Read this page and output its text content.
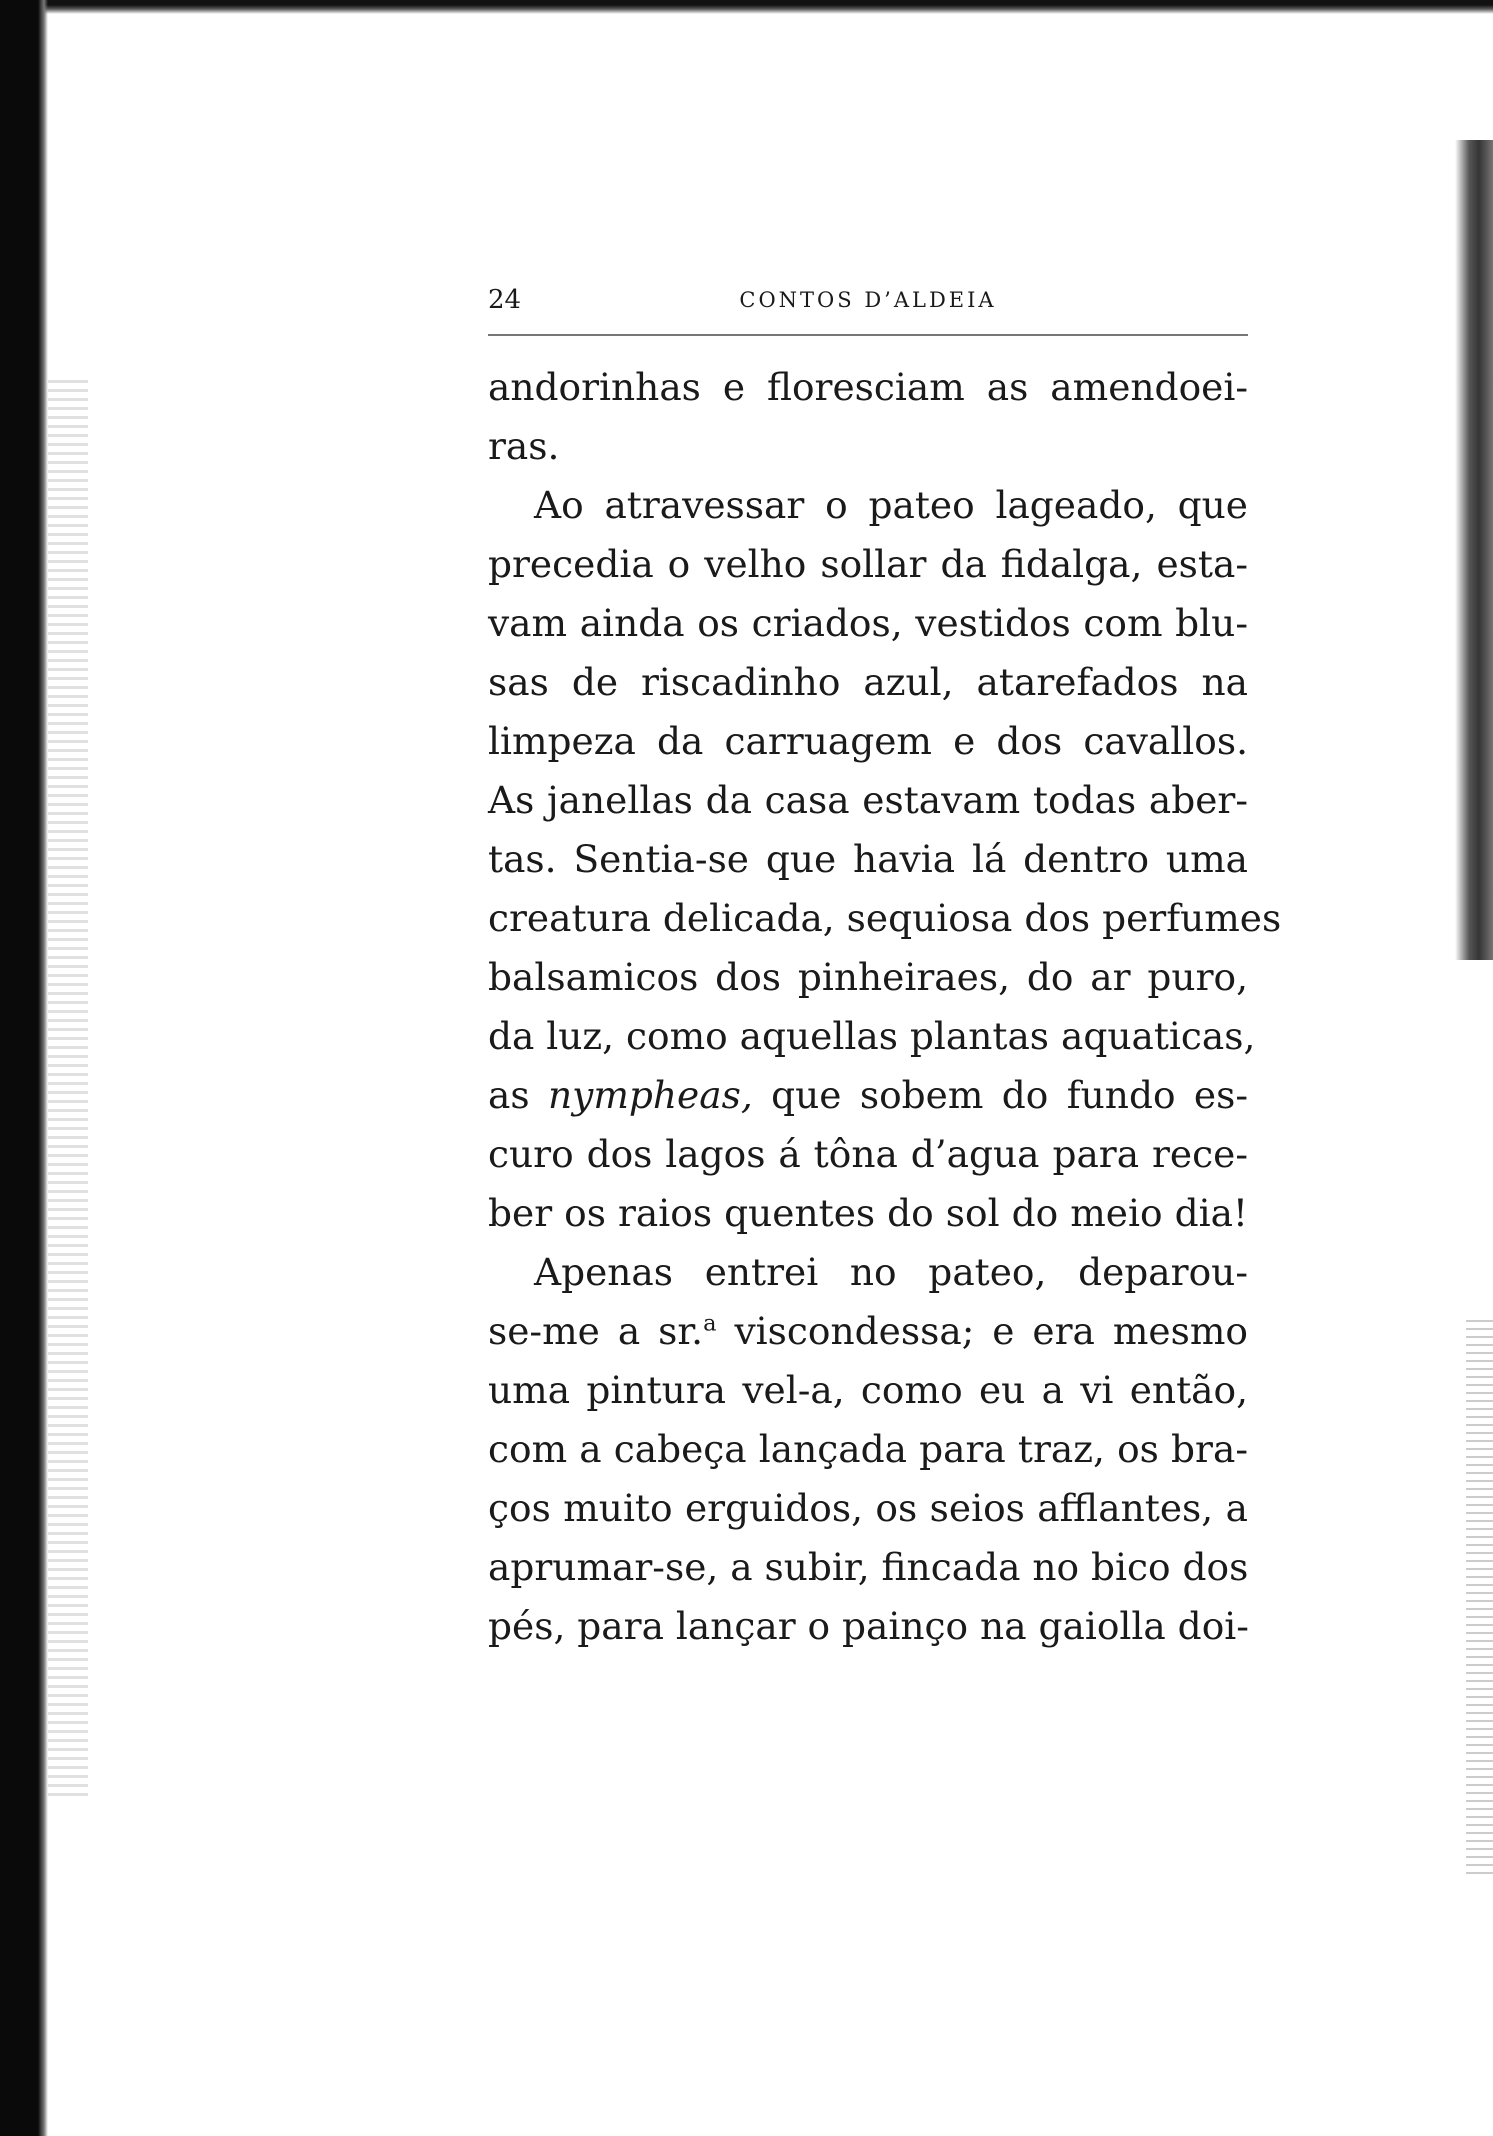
24	CONTOS D’ALDEIA
andorinhas e floresciam as amendoei-
ras.
Ao atravessar o pateo lageado, que
precedia o velho sollar da fidalga, esta-
vam ainda os criados, vestidos com blu-
sas de riscadinho azul, atarefados na
limpeza da carruagem e dos cavallos.
As janellas da casa estavam todas aber-
tas. Sentia-se que havia lá dentro uma
creatura delicada, sequiosa dos perfumes
balsamicos dos pinheiraes, do ar puro,
da luz, como aquellas plantas aquaticas,
as nympheas, que sobem do fundo es-
curo dos lagos á tôna d’agua para rece-
ber os raios quentes do sol do meio dia!
Apenas entrei no pateo, deparou-
se-me a sr.$^a$ viscondessa; e era mesmo
uma pintura vel-a, como eu a vi então,
com a cabeça lançada para traz, os bra-
ços muito erguidos, os seios afflantes, a
aprumar-se, a subir, fincada no bico dos
pés, para lançar o painço na gaiolla doi-
